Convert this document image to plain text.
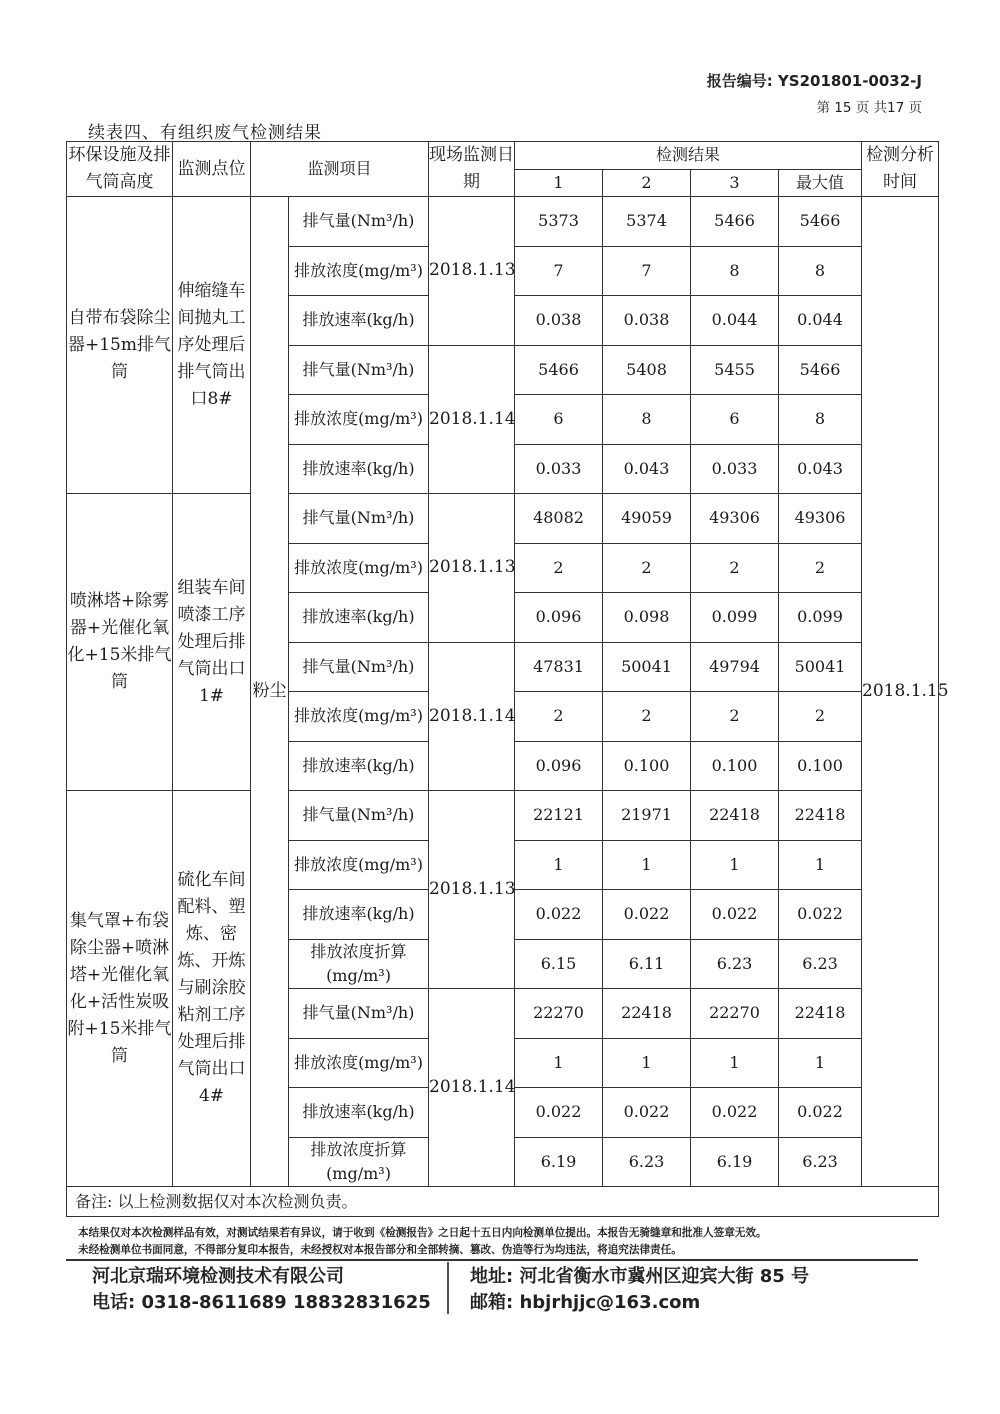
报告编号: YS201801-0032-J
第 15 页 共17 页
续表四、有组织废气检测结果
环保设施及排气筒高度	监测点位	监测项目		现场监测日期	检测结果				检测分析时间
					1	2	3	最大值	
自带布袋除尘器+15m排气筒	伸缩缝车间抛丸工序处理后排气筒出口8#	粉尘	排气量(Nm³/h)	2018.1.13	5373	5374	5466	5466	2018.1.15
			排放浓度(mg/m³)		7	7	8	8	
			排放速率(kg/h)		0.038	0.038	0.044	0.044	
			排气量(Nm³/h)	2018.1.14	5466	5408	5455	5466	
			排放浓度(mg/m³)		6	8	6	8	
			排放速率(kg/h)		0.033	0.043	0.033	0.043	
喷淋塔+除雾器+光催化氧化+15米排气筒	组装车间喷漆工序处理后排气筒出口1#		排气量(Nm³/h)	2018.1.13	48082	49059	49306	49306	
			排放浓度(mg/m³)		2	2	2	2	
			排放速率(kg/h)		0.096	0.098	0.099	0.099	
			排气量(Nm³/h)	2018.1.14	47831	50041	49794	50041	
			排放浓度(mg/m³)		2	2	2	2	
			排放速率(kg/h)		0.096	0.100	0.100	0.100	
集气罩+布袋除尘器+喷淋塔+光催化氧化+活性炭吸附+15米排气筒	硫化车间配料、塑炼、密炼、开炼与刷涂胶粘剂工序处理后排气筒出口4#		排气量(Nm³/h)	2018.1.13	22121	21971	22418	22418	
			排放浓度(mg/m³)		1	1	1	1	
			排放速率(kg/h)		0.022	0.022	0.022	0.022	
			排放浓度折算(mg/m³)		6.15	6.11	6.23	6.23	
			排气量(Nm³/h)	2018.1.14	22270	22418	22270	22418	
			排放浓度(mg/m³)		1	1	1	1	
			排放速率(kg/h)		0.022	0.022	0.022	0.022	
			排放浓度折算(mg/m³)		6.19	6.23	6.19	6.23	
备注: 以上检测数据仅对本次检测负责。									
本结果仅对本次检测样品有效，对测试结果若有异议，请于收到《检测报告》之日起十五日内向检测单位提出。本报告无骑缝章和批准人签章无效。
未经检测单位书面同意，不得部分复印本报告，未经授权对本报告部分和全部转摘、篡改、伪造等行为均违法，将追究法律责任。
河北京瑞环境检测技术有限公司
电话: 0318-8611689 18832831625
地址: 河北省衡水市冀州区迎宾大街 85 号
邮箱: hbjrhjjc@163.com
